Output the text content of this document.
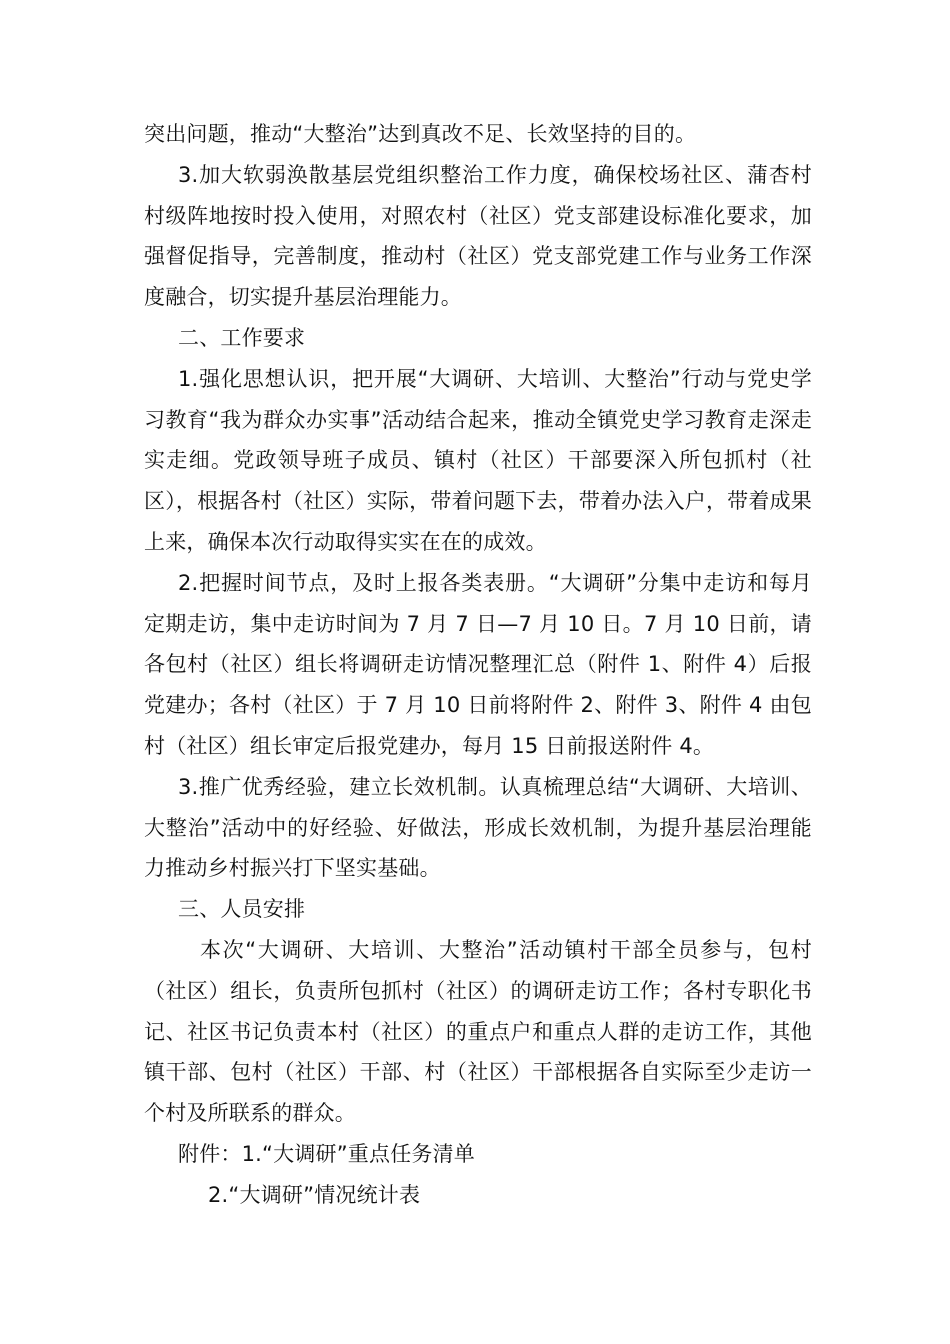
突出问题，推动“大整治”达到真改不足、长效坚持的目的。

3.加大软弱涣散基层党组织整治工作力度，确保校场社区、蒲杏村村级阵地按时投入使用，对照农村（社区）党支部建设标准化要求，加强督促指导，完善制度，推动村（社区）党支部党建工作与业务工作深度融合，切实提升基层治理能力。

二、工作要求

1.强化思想认识，把开展“大调研、大培训、大整治”行动与党史学习教育“我为群众办实事”活动结合起来，推动全镇党史学习教育走深走实走细。党政领导班子成员、镇村（社区）干部要深入所包抓村（社区），根据各村（社区）实际，带着问题下去，带着办法入户，带着成果上来，确保本次行动取得实实在在的成效。

2.把握时间节点，及时上报各类表册。“大调研”分集中走访和每月定期走访，集中走访时间为 7 月 7 日—7 月 10 日。7 月 10 日前，请各包村（社区）组长将调研走访情况整理汇总（附件 1、附件 4）后报党建办；各村（社区）于 7 月 10 日前将附件 2、附件 3、附件 4 由包村（社区）组长审定后报党建办，每月 15 日前报送附件 4。

3.推广优秀经验，建立长效机制。认真梳理总结“大调研、大培训、大整治”活动中的好经验、好做法，形成长效机制，为提升基层治理能力推动乡村振兴打下坚实基础。

三、人员安排

本次“大调研、大培训、大整治”活动镇村干部全员参与，包村（社区）组长，负责所包抓村（社区）的调研走访工作；各村专职化书记、社区书记负责本村（社区）的重点户和重点人群的走访工作，其他镇干部、包村（社区）干部、村（社区）干部根据各自实际至少走访一个村及所联系的群众。

附件：1.“大调研”重点任务清单

2.“大调研”情况统计表
